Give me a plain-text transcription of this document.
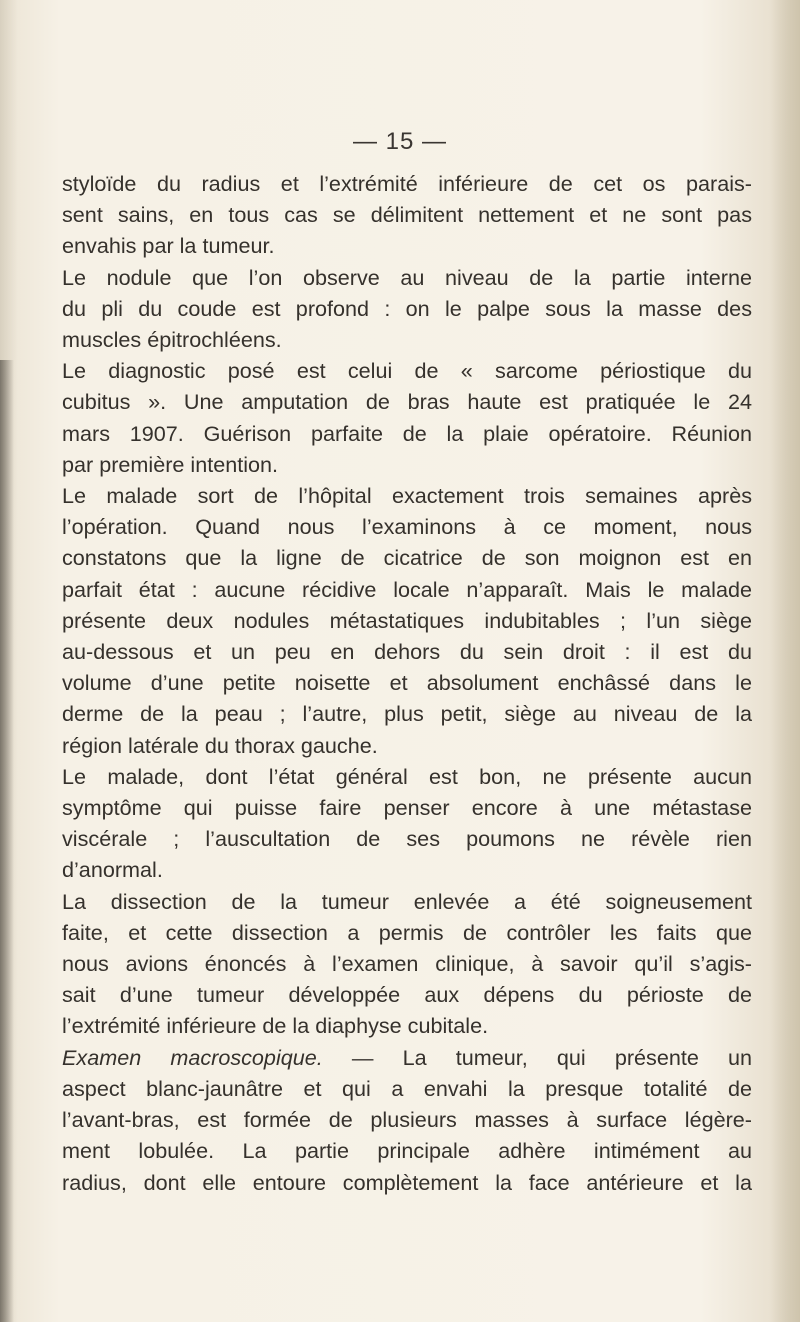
— 15 —
styloïde du radius et l’extrémité inférieure de cet os parais-
sent sains, en tous cas se délimitent nettement et ne sont pas
envahis par la tumeur.
Le nodule que l’on observe au niveau de la partie interne
du pli du coude est profond : on le palpe sous la masse des
muscles épitrochléens.
Le diagnostic posé est celui de « sarcome périostique du
cubitus ». Une amputation de bras haute est pratiquée le 24
mars 1907. Guérison parfaite de la plaie opératoire. Réunion
par première intention.
Le malade sort de l’hôpital exactement trois semaines après
l’opération. Quand nous l’examinons à ce moment, nous
constatons que la ligne de cicatrice de son moignon est en
parfait état : aucune récidive locale n’apparaît. Mais le malade
présente deux nodules métastatiques indubitables ; l’un siège
au-dessous et un peu en dehors du sein droit : il est du
volume d’une petite noisette et absolument enchâssé dans le
derme de la peau ; l’autre, plus petit, siège au niveau de la
région latérale du thorax gauche.
Le malade, dont l’état général est bon, ne présente aucun
symptôme qui puisse faire penser encore à une métastase
viscérale ; l’auscultation de ses poumons ne révèle rien
d’anormal.
La dissection de la tumeur enlevée a été soigneusement
faite, et cette dissection a permis de contrôler les faits que
nous avions énoncés à l’examen clinique, à savoir qu’il s’agis-
sait d’une tumeur développée aux dépens du périoste de
l’extrémité inférieure de la diaphyse cubitale.
Examen macroscopique. — La tumeur, qui présente un
aspect blanc-jaunâtre et qui a envahi la presque totalité de
l’avant-bras, est formée de plusieurs masses à surface légère-
ment lobulée. La partie principale adhère intimément au
radius, dont elle entoure complètement la face antérieure et la
